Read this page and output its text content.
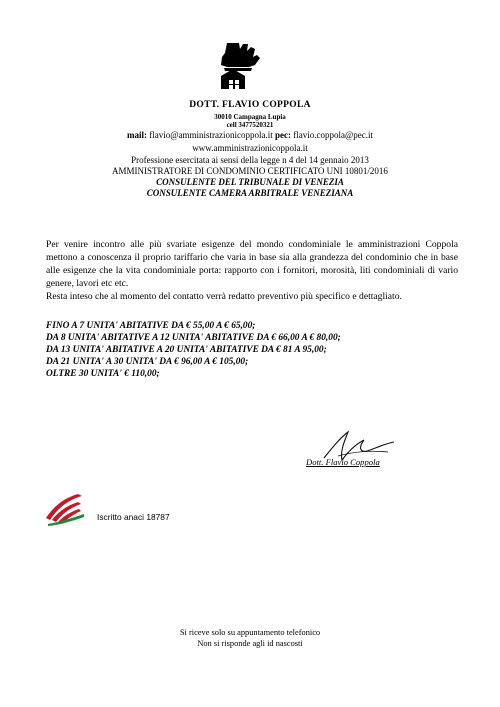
DOTT. FLAVIO COPPOLA
30010 Campagna Lupia
cell 3477520321
mail: flavio@amministrazionicoppola.it pec: flavio.coppola@pec.it
www.amministrazionicoppola.it
Professione esercitata ai sensi della legge n 4 del 14 gennaio 2013
AMMINISTRATORE DI CONDOMINIO CERTIFICATO UNI 10801/2016
CONSULENTE DEL TRIBUNALE DI VENEZIA
CONSULENTE CAMERA ARBITRALE VENEZIANA

Per venire incontro alle più svariate esigenze del mondo condominiale le amministrazioni Coppola mettono a conoscenza il proprio tariffario che varia in base sia alla grandezza del condominio che in base alle esigenze che la vita condominiale porta: rapporto con i fornitori, morosità, liti condominiali di vario genere, lavori etc etc.

Resta inteso che al momento del contatto verrà redatto preventivo più specifico e dettagliato.

FINO A 7 UNITA' ABITATIVE DA € 55,00 A € 65,00;
DA 8 UNITA' ABITATIVE A 12 UNITA' ABITATIVE DA € 66,00 A € 80,00;
DA 13 UNITA' ABITATIVE A 20 UNITA' ABITATIVE DA € 81 A 95,00;
DA 21 UNITA' A 30 UNITA' DA € 96,00 A € 105,00;
OLTRE 30 UNITA' € 110,00;
Dott. Flavio Coppola
Iscritto anaci 18787
Si riceve solo su appuntamento telefonico
Non si risponde agli id nascosti
